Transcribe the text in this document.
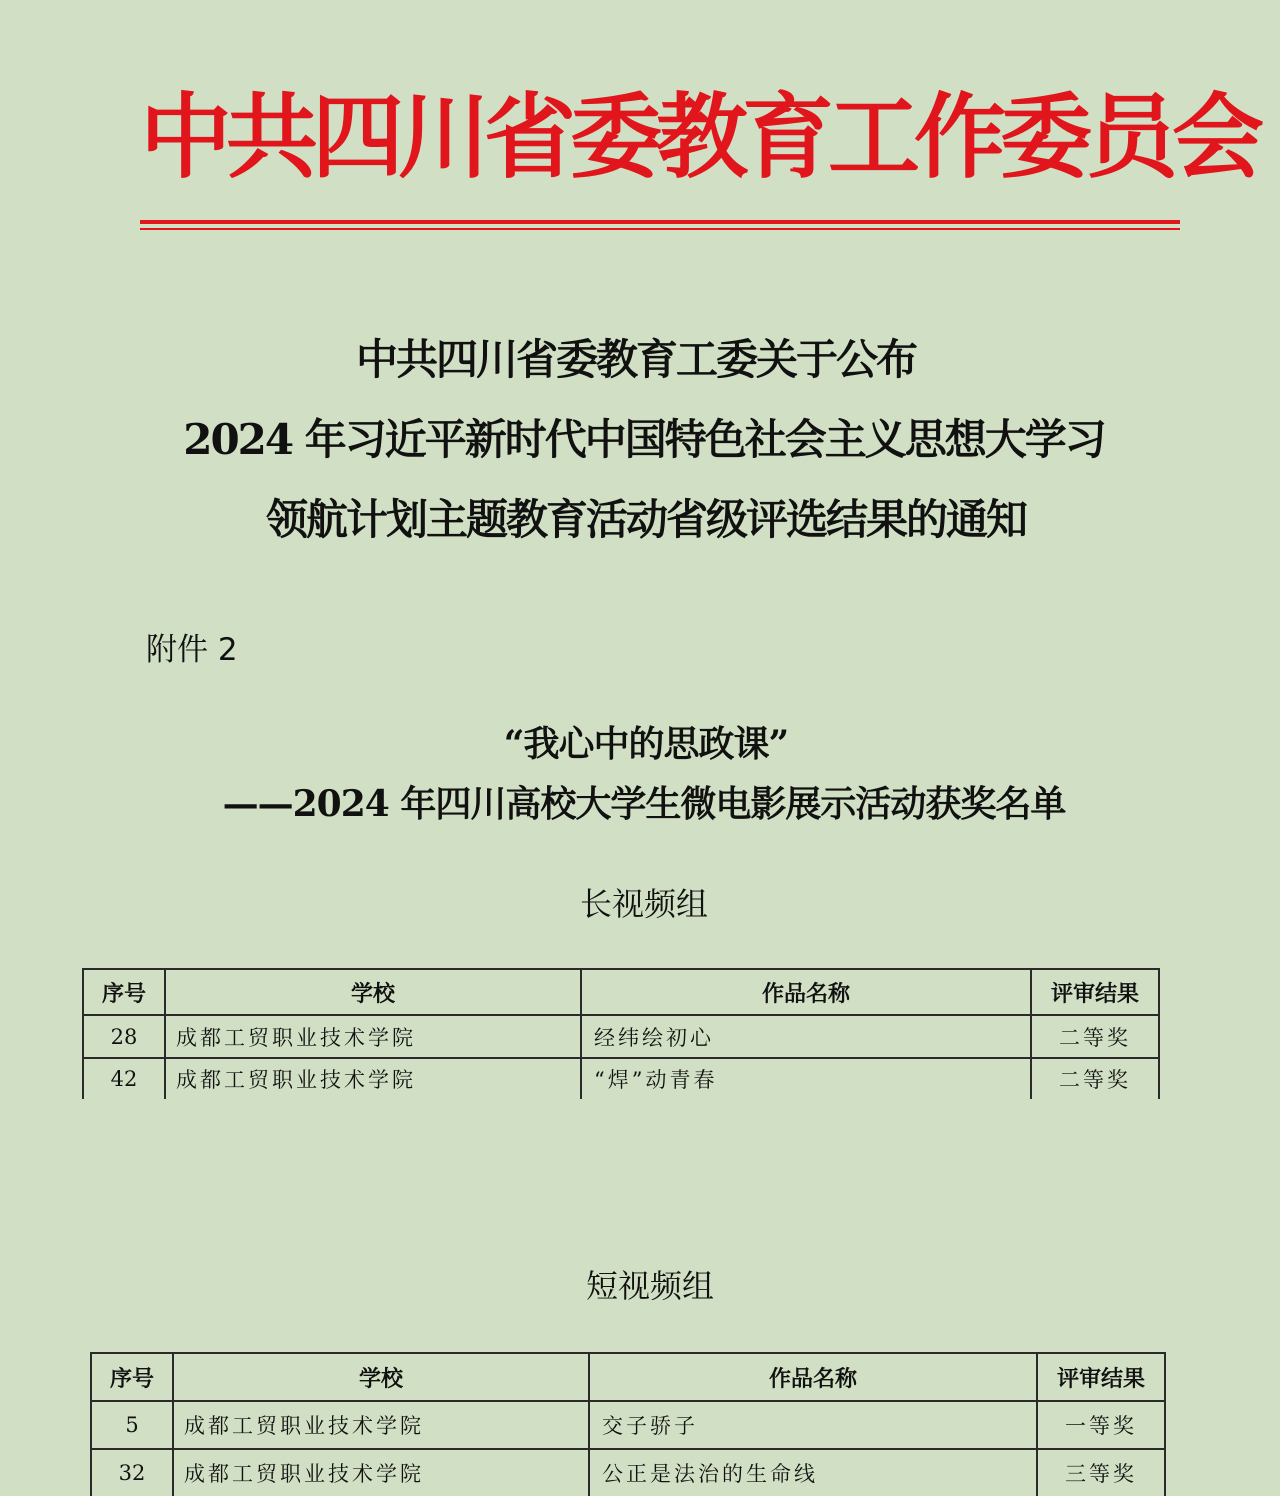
中共四川省委教育工作委员会
中共四川省委教育工委关于公布
2024 年习近平新时代中国特色社会主义思想大学习
领航计划主题教育活动省级评选结果的通知
附件 2
“我心中的思政课”
——2024 年四川高校大学生微电影展示活动获奖名单
长视频组
序号	学校	作品名称	评审结果
28	成都工贸职业技术学院	经纬绘初心	二等奖
42	成都工贸职业技术学院	“焊”动青春	二等奖
短视频组
序号	学校	作品名称	评审结果
5	成都工贸职业技术学院	交子骄子	一等奖
32	成都工贸职业技术学院	公正是法治的生命线	三等奖
